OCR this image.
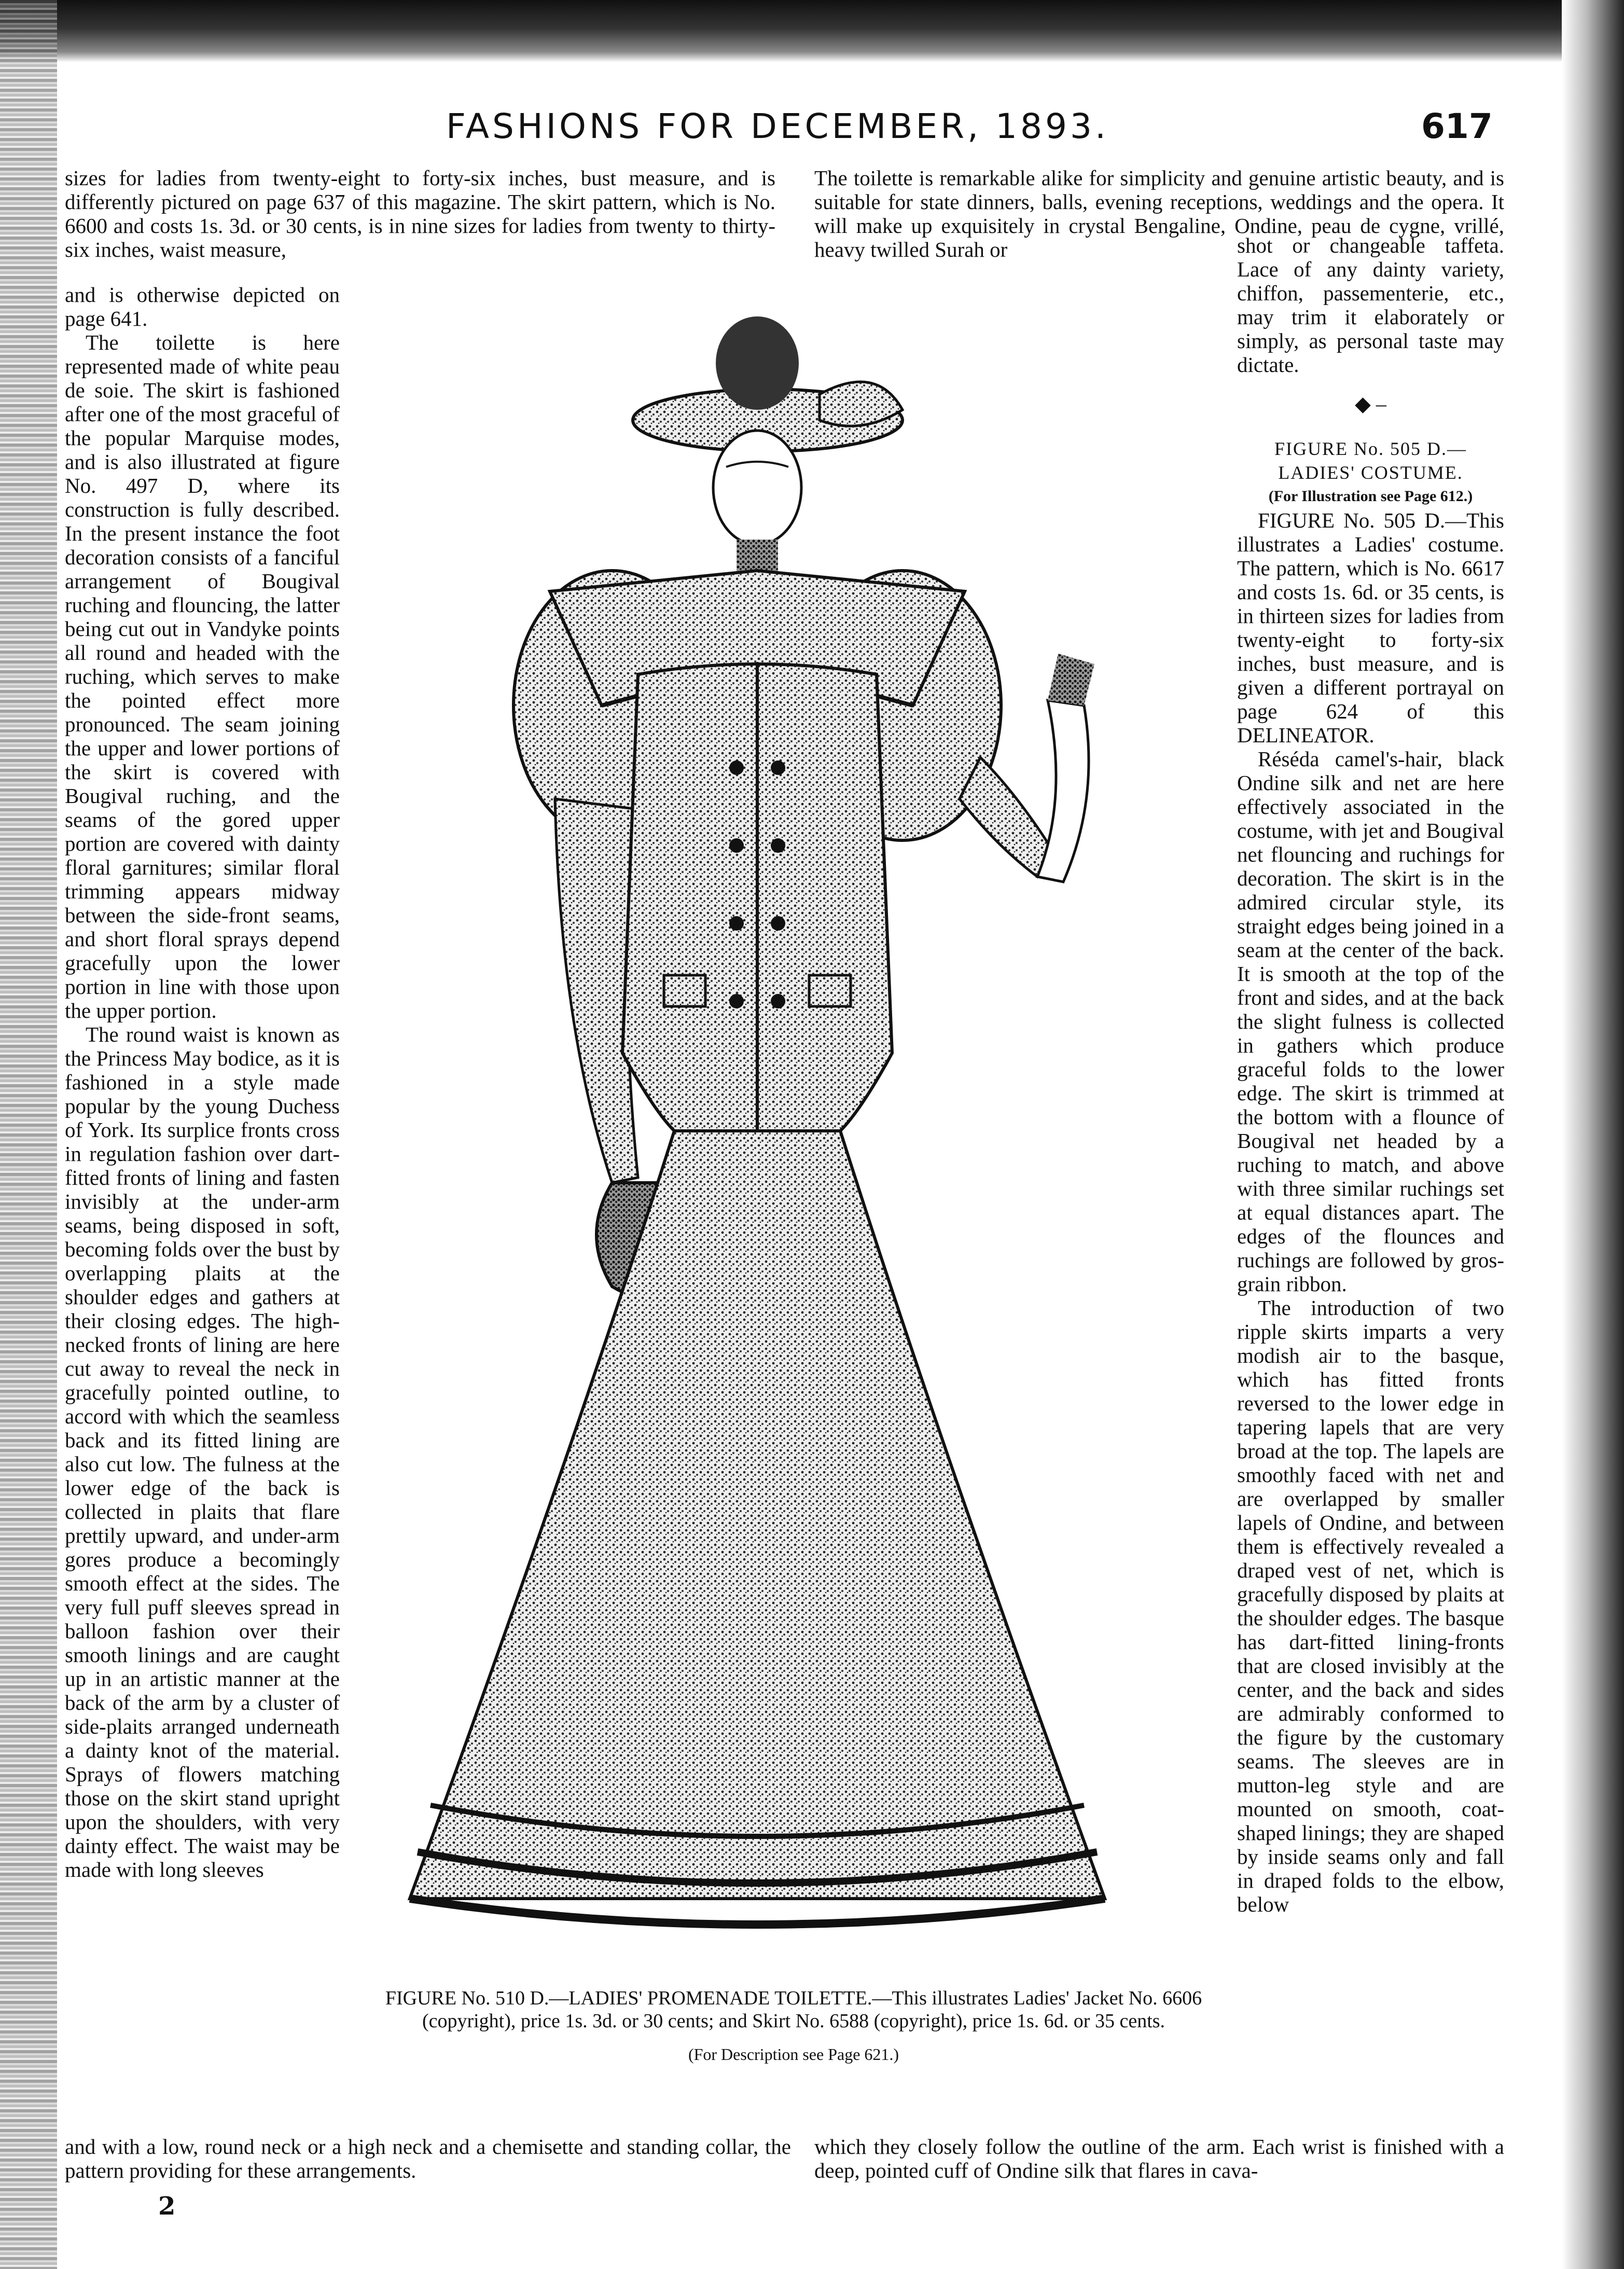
FASHIONS FOR DECEMBER, 1893.	617
sizes for ladies from twenty-eight to forty-six inches, bust measure, and is differently pictured on page 637 of this magazine. The skirt pattern, which is No. 6600 and costs 1s. 3d. or 30 cents, is in nine sizes for ladies from twenty to thirty-six inches, waist measure,
The toilette is remarkable alike for simplicity and genuine artistic beauty, and is suitable for state dinners, balls, evening receptions, weddings and the opera. It will make up exquisitely in crystal Bengaline, Ondine, peau de cygne, vrillé, heavy twilled Surah or

and is otherwise depicted on page 641.

The toilette is here represented made of white peau de soie. The skirt is fashioned after one of the most graceful of the popular Marquise modes, and is also illustrated at figure No. 497 D, where its construction is fully described. In the present instance the foot decoration consists of a fanciful arrangement of Bougival ruching and flouncing, the latter being cut out in Vandyke points all round and headed with the ruching, which serves to make the pointed effect more pronounced. The seam joining the upper and lower portions of the skirt is covered with Bougival ruching, and the seams of the gored upper portion are covered with dainty floral garnitures; similar floral trimming appears midway between the side-front seams, and short floral sprays depend gracefully upon the lower portion in line with those upon the upper portion.

The round waist is known as the Princess May bodice, as it is fashioned in a style made popular by the young Duchess of York. Its surplice fronts cross in regulation fashion over dart-fitted fronts of lining and fasten invisibly at the under-arm seams, being disposed in soft, becoming folds over the bust by overlapping plaits at the shoulder edges and gathers at their closing edges. The high-necked fronts of lining are here cut away to reveal the neck in gracefully pointed outline, to accord with which the seamless back and its fitted lining are also cut low. The fulness at the lower edge of the back is collected in plaits that flare prettily upward, and under-arm gores produce a becomingly smooth effect at the sides. The very full puff sleeves spread in balloon fashion over their smooth linings and are caught up in an artistic manner at the back of the arm by a cluster of side-plaits arranged underneath a dainty knot of the material. Sprays of flowers matching those on the skirt stand upright upon the shoulders, with very dainty effect. The waist may be made with long sleeves

shot or changeable taffeta. Lace of any dainty variety, chiffon, passementerie, etc., may trim it elaborately or simply, as personal taste may dictate.

◆ ‒
FIGURE No. 505 D.—LADIES' COSTUME.
(For Illustration see Page 612.)

FIGURE No. 505 D.—This illustrates a Ladies' costume. The pattern, which is No. 6617 and costs 1s. 6d. or 35 cents, is in thirteen sizes for ladies from twenty-eight to forty-six inches, bust measure, and is given a different portrayal on page 624 of this DELINEATOR.

Réséda camel's-hair, black Ondine silk and net are here effectively associated in the costume, with jet and Bougival net flouncing and ruchings for decoration. The skirt is in the admired circular style, its straight edges being joined in a seam at the center of the back. It is smooth at the top of the front and sides, and at the back the slight fulness is collected in gathers which produce graceful folds to the lower edge. The skirt is trimmed at the bottom with a flounce of Bougival net headed by a ruching to match, and above with three similar ruchings set at equal distances apart. The edges of the flounces and ruchings are followed by gros-grain ribbon.

The introduction of two ripple skirts imparts a very modish air to the basque, which has fitted fronts reversed to the lower edge in tapering lapels that are very broad at the top. The lapels are smoothly faced with net and are overlapped by smaller lapels of Ondine, and between them is effectively revealed a draped vest of net, which is gracefully disposed by plaits at the shoulder edges. The basque has dart-fitted lining-fronts that are closed invisibly at the center, and the back and sides are admirably conformed to the figure by the customary seams. The sleeves are in mutton-leg style and are mounted on smooth, coat-shaped linings; they are shaped by inside seams only and fall in draped folds to the elbow, below

FIGURE No. 510 D.—LADIES' PROMENADE TOILETTE.—This illustrates Ladies' Jacket No. 6606 (copyright), price 1s. 3d. or 30 cents; and Skirt No. 6588 (copyright), price 1s. 6d. or 35 cents.
(For Description see Page 621.)
and with a low, round neck or a high neck and a chemisette and standing collar, the pattern providing for these arrangements.
which they closely follow the outline of the arm. Each wrist is finished with a deep, pointed cuff of Ondine silk that flares in cava-
2
